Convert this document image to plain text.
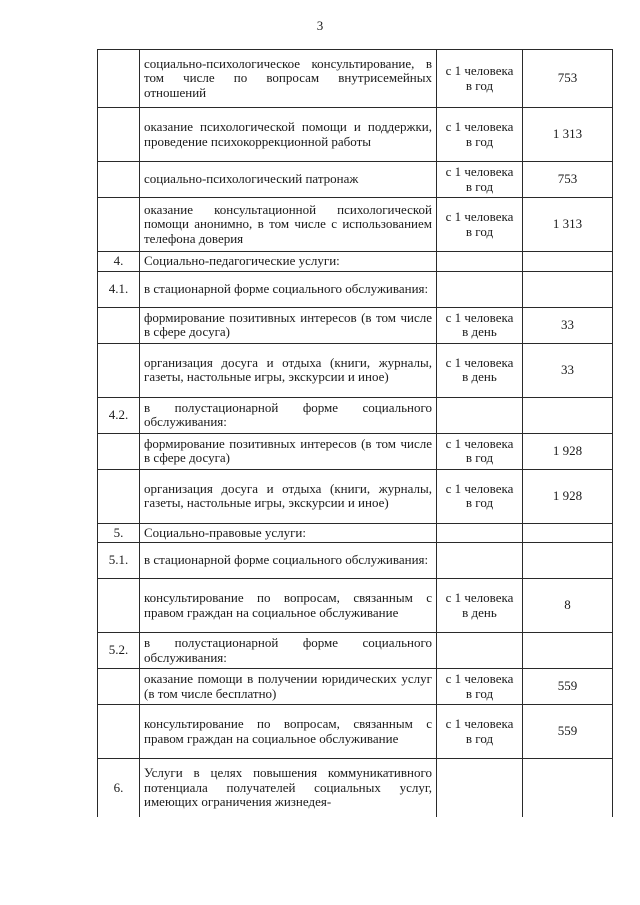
3
	социально-психологическое консультирование, в том числе по вопросам внутрисемейных отношений	с 1 человека в год	753
	оказание психологической помощи и поддержки, проведение психокоррекционной работы	с 1 человека в год	1 313
	социально-психологический патронаж	с 1 человека в год	753
	оказание консультационной психологической помощи анонимно, в том числе с использованием телефона доверия	с 1 человека в год	1 313
4.	Социально-педагогические услуги:		
4.1.	в стационарной форме социального обслуживания:		
	формирование позитивных интересов (в том числе в сфере досуга)	с 1 человека в день	33
	организация досуга и отдыха (книги, журналы, газеты, настольные игры, экскурсии и иное)	с 1 человека в день	33
4.2.	в полустационарной форме социального обслуживания:		
	формирование позитивных интересов (в том числе в сфере досуга)	с 1 человека в год	1 928
	организация досуга и отдыха (книги, журналы, газеты, настольные игры, экскурсии и иное)	с 1 человека в год	1 928
5.	Социально-правовые услуги:		
5.1.	в стационарной форме социального обслуживания:		
	консультирование по вопросам, связанным с правом граждан на социальное обслуживание	с 1 человека в день	8
5.2.	в полустационарной форме социального обслуживания:		
	оказание помощи в получении юридических услуг (в том числе бесплатно)	с 1 человека в год	559
	консультирование по вопросам, связанным с правом граждан на социальное обслуживание	с 1 человека в год	559
6.	Услуги в целях повышения коммуникативного потенциала получателей социальных услуг, имеющих ограничения жизнедея-		
